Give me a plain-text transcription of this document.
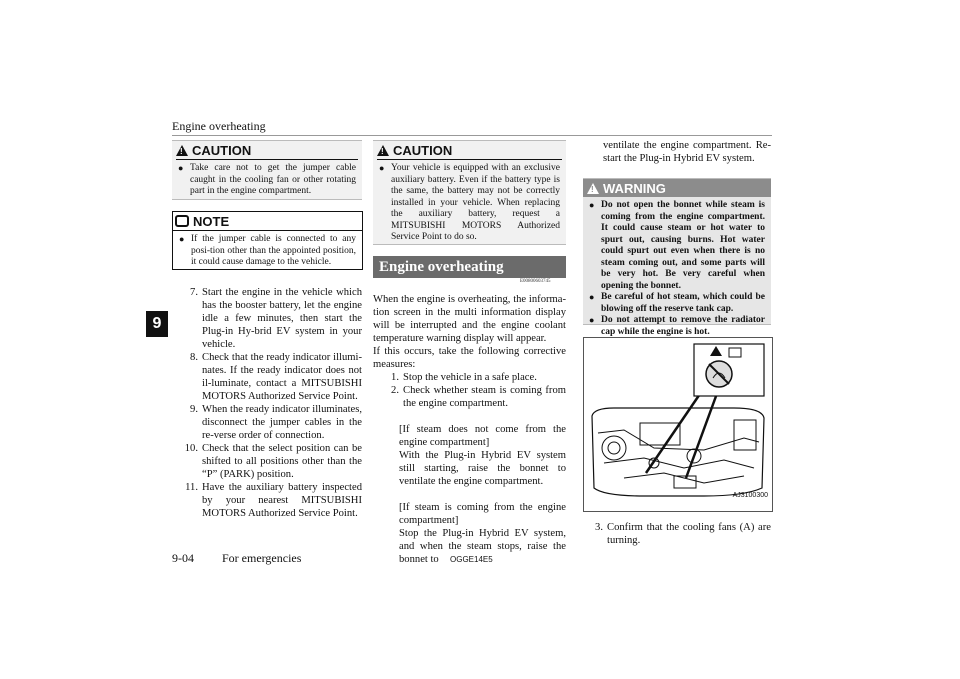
Engine overheating
9
!
CAUTION
● Take care not to get the jumper cable caught in the cooling fan or other rotating part in the engine compartment.
NOTE
● If the jumper cable is connected to any posi-tion other than the appointed position, it could cause damage to the vehicle.
7. Start the engine in the vehicle which has the booster battery, let the engine idle a few minutes, then start the Plug-in Hy-brid EV system in your vehicle.
8. Check that the ready indicator illumi-nates. If the ready indicator does not il-luminate, contact a MITSUBISHI MOTORS Authorized Service Point.
9. When the ready indicator illuminates, disconnect the jumper cables in the re-verse order of connection.
10. Check that the select position can be shifted to all positions other than the “P” (PARK) position.
11. Have the auxiliary battery inspected by your nearest MITSUBISHI MOTORS Authorized Service Point.
!
CAUTION
● Your vehicle is equipped with an exclusive auxiliary battery. Even if the battery type is the same, the battery may not be correctly installed in your vehicle. When replacing the auxiliary battery, request a MITSUBISHI MOTORS Authorized Service Point to do so.
Engine overheating
E00800603745

When the engine is overheating, the informa-tion screen in the multi information display will be interrupted and the engine coolant temperature warning display will appear.

If this occurs, take the following corrective measures:

1. Stop the vehicle in a safe place.
2. Check whether steam is coming from the engine compartment.

[If steam does not come from the engine compartment]

With the Plug-in Hybrid EV system still starting, raise the bonnet to ventilate the engine compartment.

[If steam is coming from the engine compartment]

Stop the Plug-in Hybrid EV system, and when the steam stops, raise the bonnet to

ventilate the engine compartment. Re-start the Plug-in Hybrid EV system.

!
WARNING
● Do not open the bonnet while steam is coming from the engine compartment. It could cause steam or hot water to spurt out, causing burns. Hot water could spurt out even when there is no steam coming out, and some parts will be very hot. Be very careful when opening the bonnet.
● Be careful of hot steam, which could be blowing off the reserve tank cap.
● Do not attempt to remove the radiator cap while the engine is hot.
AJ3100300
3. Confirm that the cooling fans (A) are turning.
9-04 For emergencies	OGGE14E5
